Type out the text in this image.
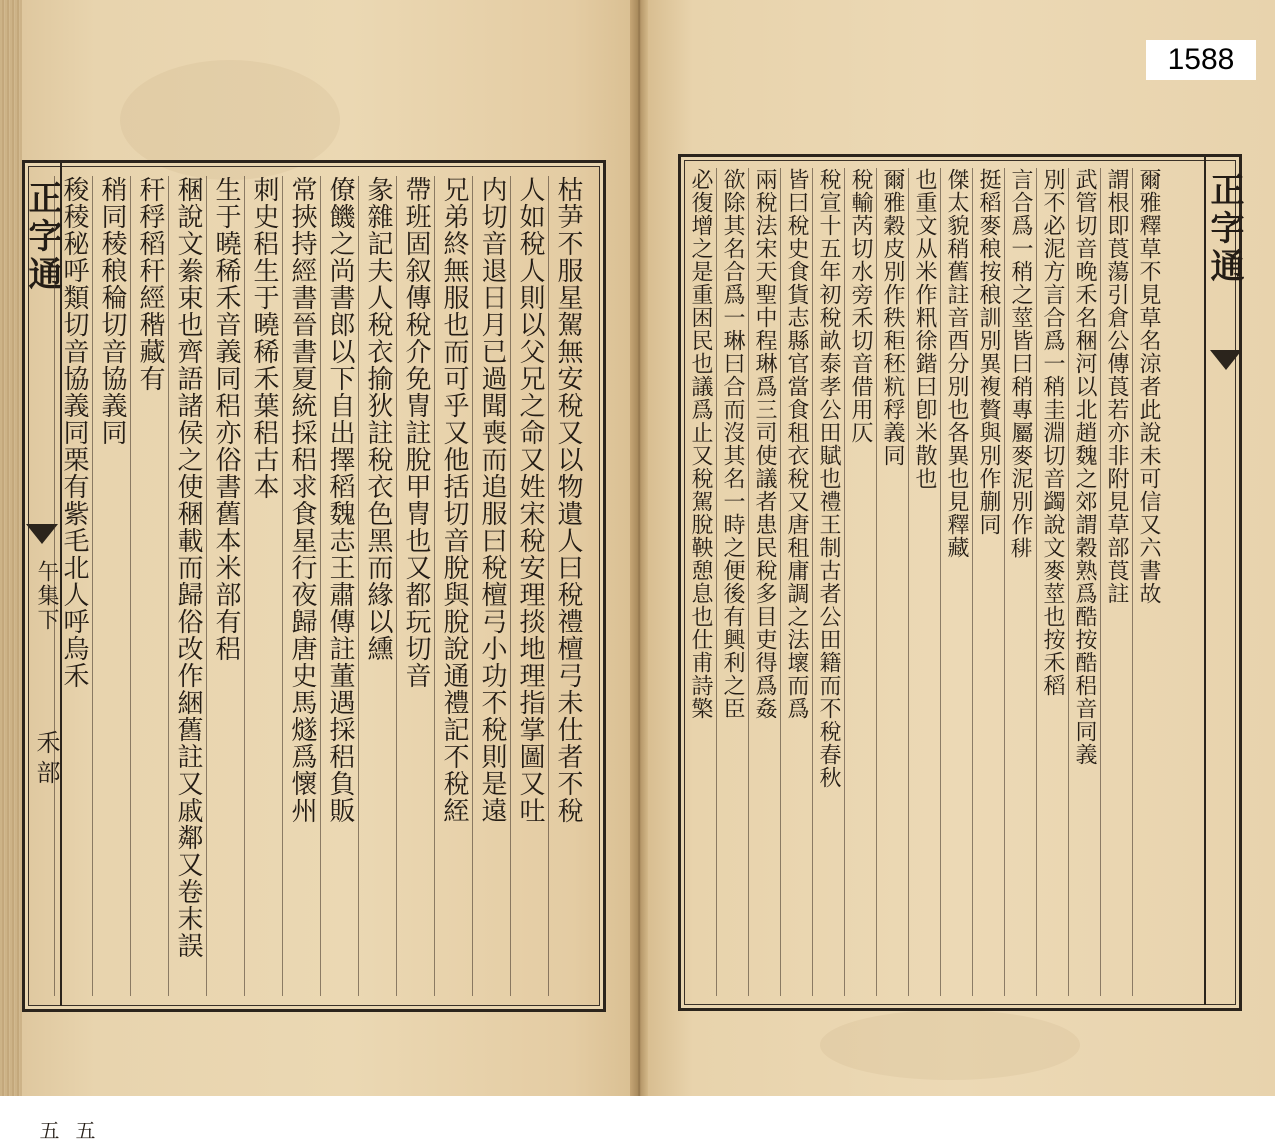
正字通
午集下
禾部
五五
枯芛不服星駕無安稅又以物遺人曰稅禮檀弓未仕者不稅
人如稅人則以父兄之命又姓宋稅安理掞地理指掌圖又吐
内切音退日月已過聞喪而追服曰稅檀弓小功不稅則是遠
兄弟終無服也而可乎又他括切音脫與脫說通禮記不稅絰
帶班固叙傳稅介免冑註脫甲冑也又都玩切音
彖雜記夫人稅衣揄狄註稅衣色黑而緣以纁
僚饑之尚書郎以下自出擇稻魏志王肅傳註董遇採稆負販
常挾持經書晉書夏統採稆求食星行夜歸唐史馬燧爲懷州
刺史稆生于曉稀禾葉稆古本
生于曉稀禾音義同稆亦俗書舊本米部有稆
稛說文絭束也齊語諸侯之使稛載而歸俗改作綑舊註又戚鄰又卷末誤
秆稃稻秆經稭藏有
稍同稜稂稐切音協義同
稄稜秘呼類切音協義同栗有紫毛北人呼烏禾	正字通
爾雅釋草不見草名涼者此說未可信又六書故
謂根即莨蕩引倉公傳莨若亦非附見草部莨註
武管切音晚禾名稇河以北趙魏之郊謂穀熟爲酷按酷稆音同義
別不必泥方言合爲一稍圭淵切音蠲說文麥莖也按禾稻
言合爲一稍之莖皆曰稍專屬麥泥別作𥟍
挺稻麥稂按稂訓別異複贅與別作蒯同
傑太貌稍舊註音酉分別也各異也見釋藏
也重文从米作籸徐鍇曰卽米散也
爾雅穀皮別作秩秬秠粇稃義同
稅輸芮切水旁禾切音借用仄
稅宣十五年初稅畝泰孝公田賦也禮王制古者公田籍而不稅春秋
皆曰稅史食貨志縣官當食租衣稅又唐租庸調之法壞而爲
兩稅法宋天聖中程琳爲三司使議者患民稅多目吏得爲姦
欲除其名合爲一琳曰合而沒其名一時之便後有興利之臣
必復增之是重困民也議爲止又稅駕脫鞅憩息也仕甫詩檠
1588
